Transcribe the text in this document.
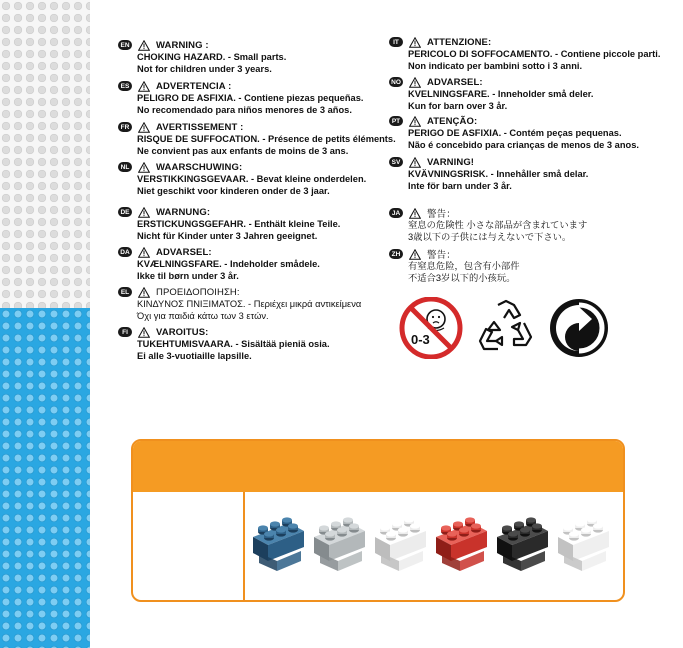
EN	WARNING :
CHOKING HAZARD. - Small parts.
Not for children under 3 years.
ES	ADVERTENCIA :
PELIGRO DE ASFIXIA. - Contiene piezas pequeñas.
No recomendado para niños menores de 3 años.
FR	AVERTISSEMENT :
RISQUE DE SUFFOCATION. - Présence de petits éléments.
Ne convient pas aux enfants de moins de 3 ans.
NL	WAARSCHUWING:
VERSTIKKINGSGEVAAR. - Bevat kleine onderdelen.
Niet geschikt voor kinderen onder de 3 jaar.
DE	WARNUNG:
ERSTICKUNGSGEFAHR. - Enthält kleine Teile.
Nicht für Kinder unter 3 Jahren geeignet.
DA	ADVARSEL:
KVÆLNINGSFARE. - Indeholder smådele.
Ikke til børn under 3 år.
EL	ΠΡΟΕΙΔΟΠΟΙΗΣΗ:
ΚΙΝΔΥΝΟΣ ΠΝΙΞΙΜΑΤΟΣ. - Περιέχει μικρά αντικείμενα
Όχι για παιδιά κάτω των 3 ετών.
FI	VAROITUS:
TUKEHTUMISVAARA. - Sisältää pieniä osia.
Ei alle 3-vuotiaille lapsille.
IT	ATTENZIONE:
PERICOLO DI SOFFOCAMENTO. - Contiene piccole parti.
Non indicato per bambini sotto i 3 anni.
NO	ADVARSEL:
KVELNINGSFARE. - Inneholder små deler.
Kun for barn over 3 år.
PT	ATENÇÃO:
PERIGO DE ASFIXIA. - Contém peças pequenas.
Não é concebido para crianças de menos de 3 anos.
SV	VARNING!
KVÄVNINGSRISK. - Innehåller små delar.
Inte för barn under 3 år.
JA	警告：
窒息の危険性 小さな部品が含まれています
3歳以下の子供には与えないで下さい。
ZH	警告：
有窒息危险，包含有小部件
不适合3岁以下的小孩玩。
0-3
